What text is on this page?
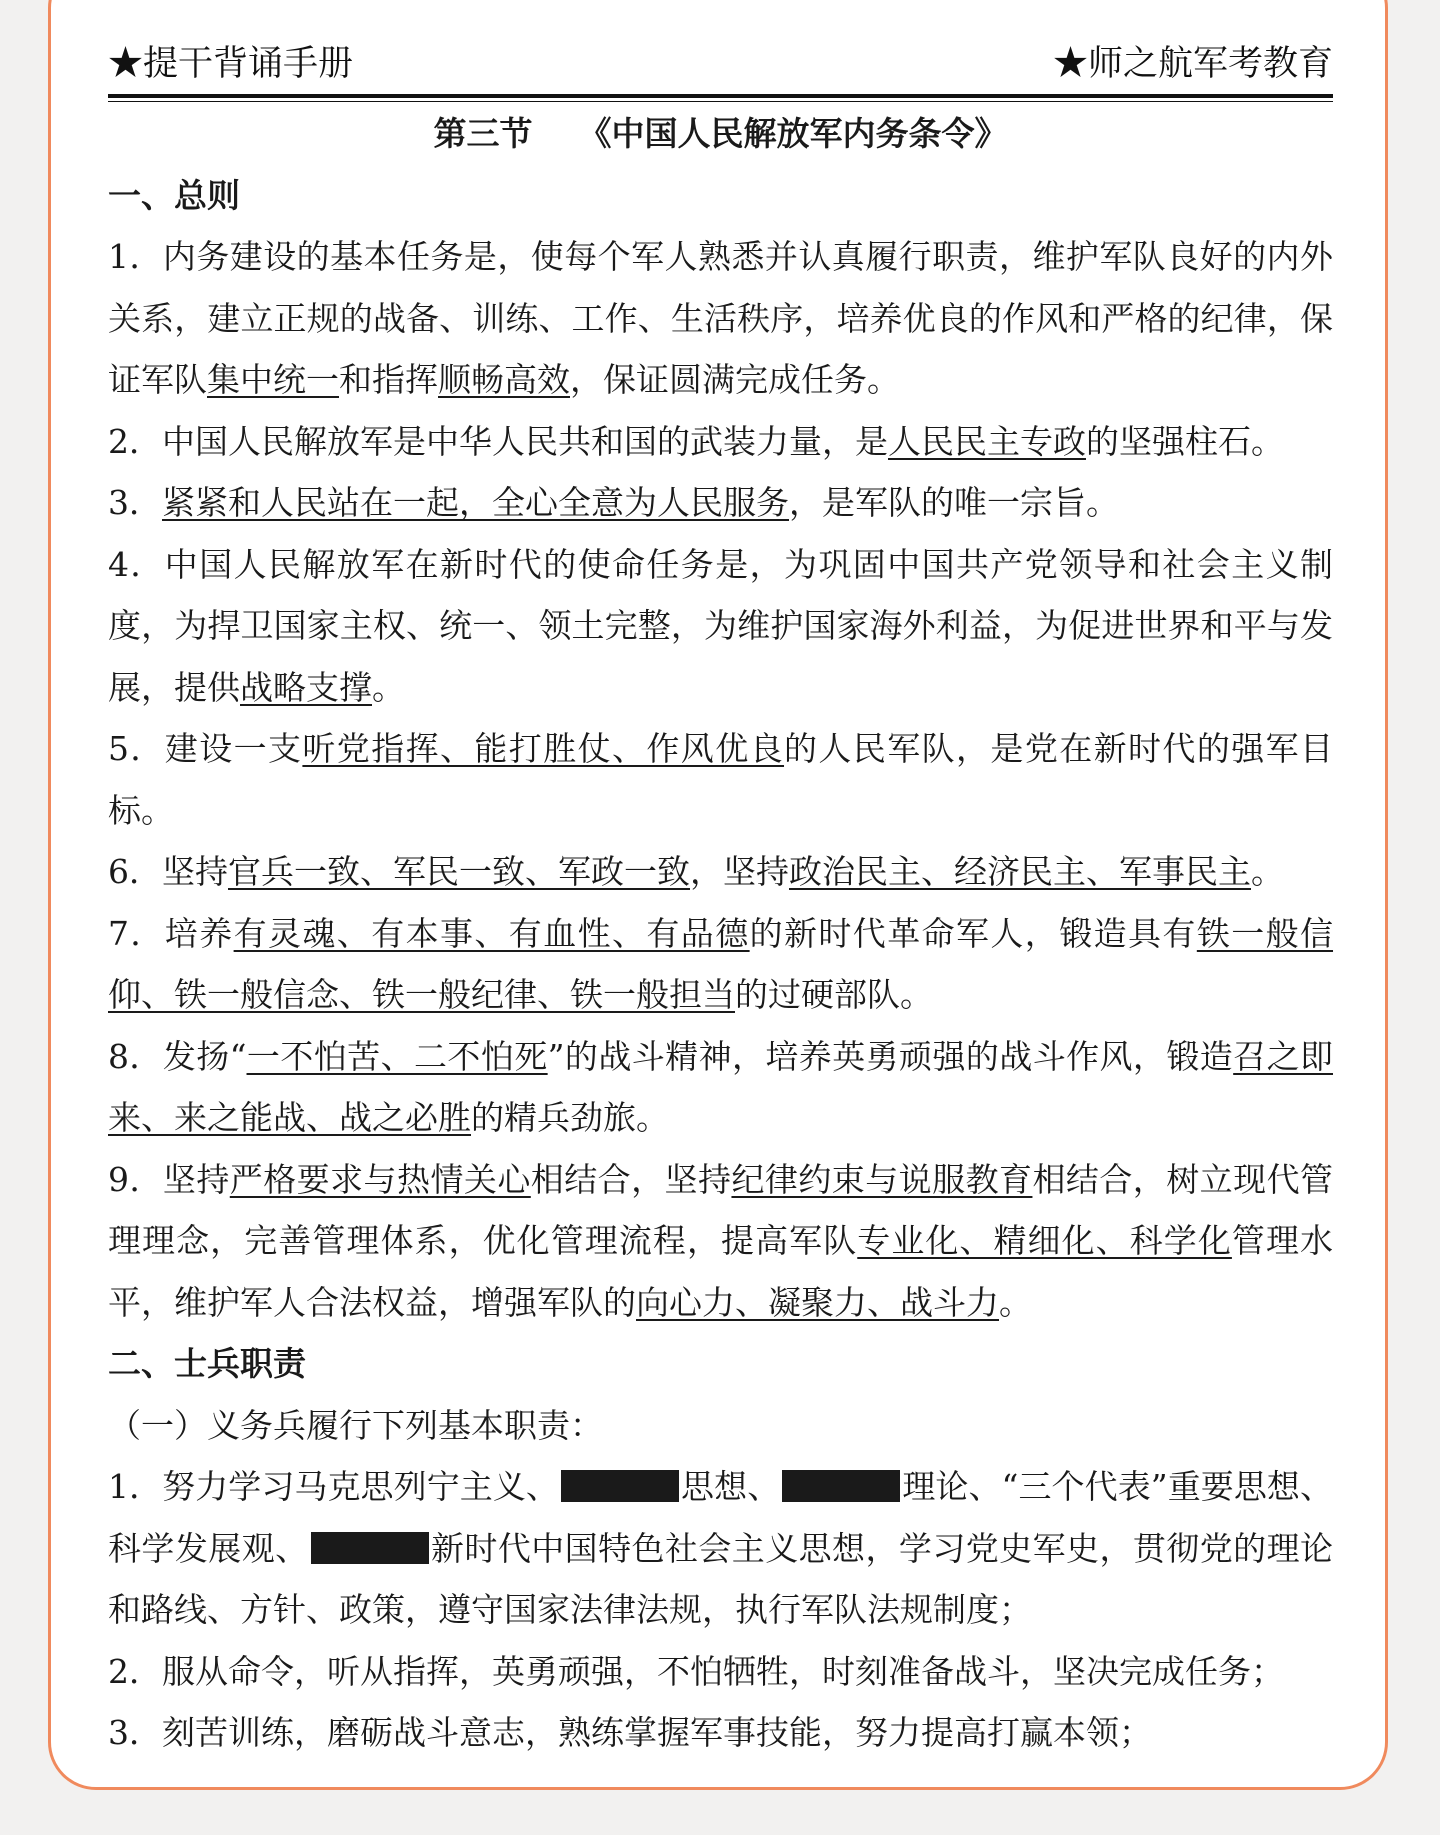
★提干背诵手册	★师之航军考教育
第三节    《中国人民解放军内务条令》
一、总则
1．内务建设的基本任务是，使每个军人熟悉并认真履行职责，维护军队良好的内外关系，建立正规的战备、训练、工作、生活秩序，培养优良的作风和严格的纪律，保证军队集中统一和指挥顺畅高效，保证圆满完成任务。
2．中国人民解放军是中华人民共和国的武装力量，是人民民主专政的坚强柱石。
3．紧紧和人民站在一起，全心全意为人民服务，是军队的唯一宗旨。
4．中国人民解放军在新时代的使命任务是，为巩固中国共产党领导和社会主义制度，为捍卫国家主权、统一、领土完整，为维护国家海外利益，为促进世界和平与发展，提供战略支撑。
5．建设一支听党指挥、能打胜仗、作风优良的人民军队，是党在新时代的强军目标。
6．坚持官兵一致、军民一致、军政一致，坚持政治民主、经济民主、军事民主。
7．培养有灵魂、有本事、有血性、有品德的新时代革命军人，锻造具有铁一般信仰、铁一般信念、铁一般纪律、铁一般担当的过硬部队。
8．发扬“一不怕苦、二不怕死”的战斗精神，培养英勇顽强的战斗作风，锻造召之即来、来之能战、战之必胜的精兵劲旅。
9．坚持严格要求与热情关心相结合，坚持纪律约束与说服教育相结合，树立现代管理理念，完善管理体系，优化管理流程，提高军队专业化、精细化、科学化管理水平，维护军人合法权益，增强军队的向心力、凝聚力、战斗力。
二、士兵职责
（一）义务兵履行下列基本职责：
1．努力学习马克思列宁主义、	思想、	理论、“三个代表”重要思想、科学发展观、	新时代中国特色社会主义思想，学习党史军史，贯彻党的理论和路线、方针、政策，遵守国家法律法规，执行军队法规制度；
2．服从命令，听从指挥，英勇顽强，不怕牺牲，时刻准备战斗，坚决完成任务；
3．刻苦训练，磨砺战斗意志，熟练掌握军事技能，努力提高打赢本领；
